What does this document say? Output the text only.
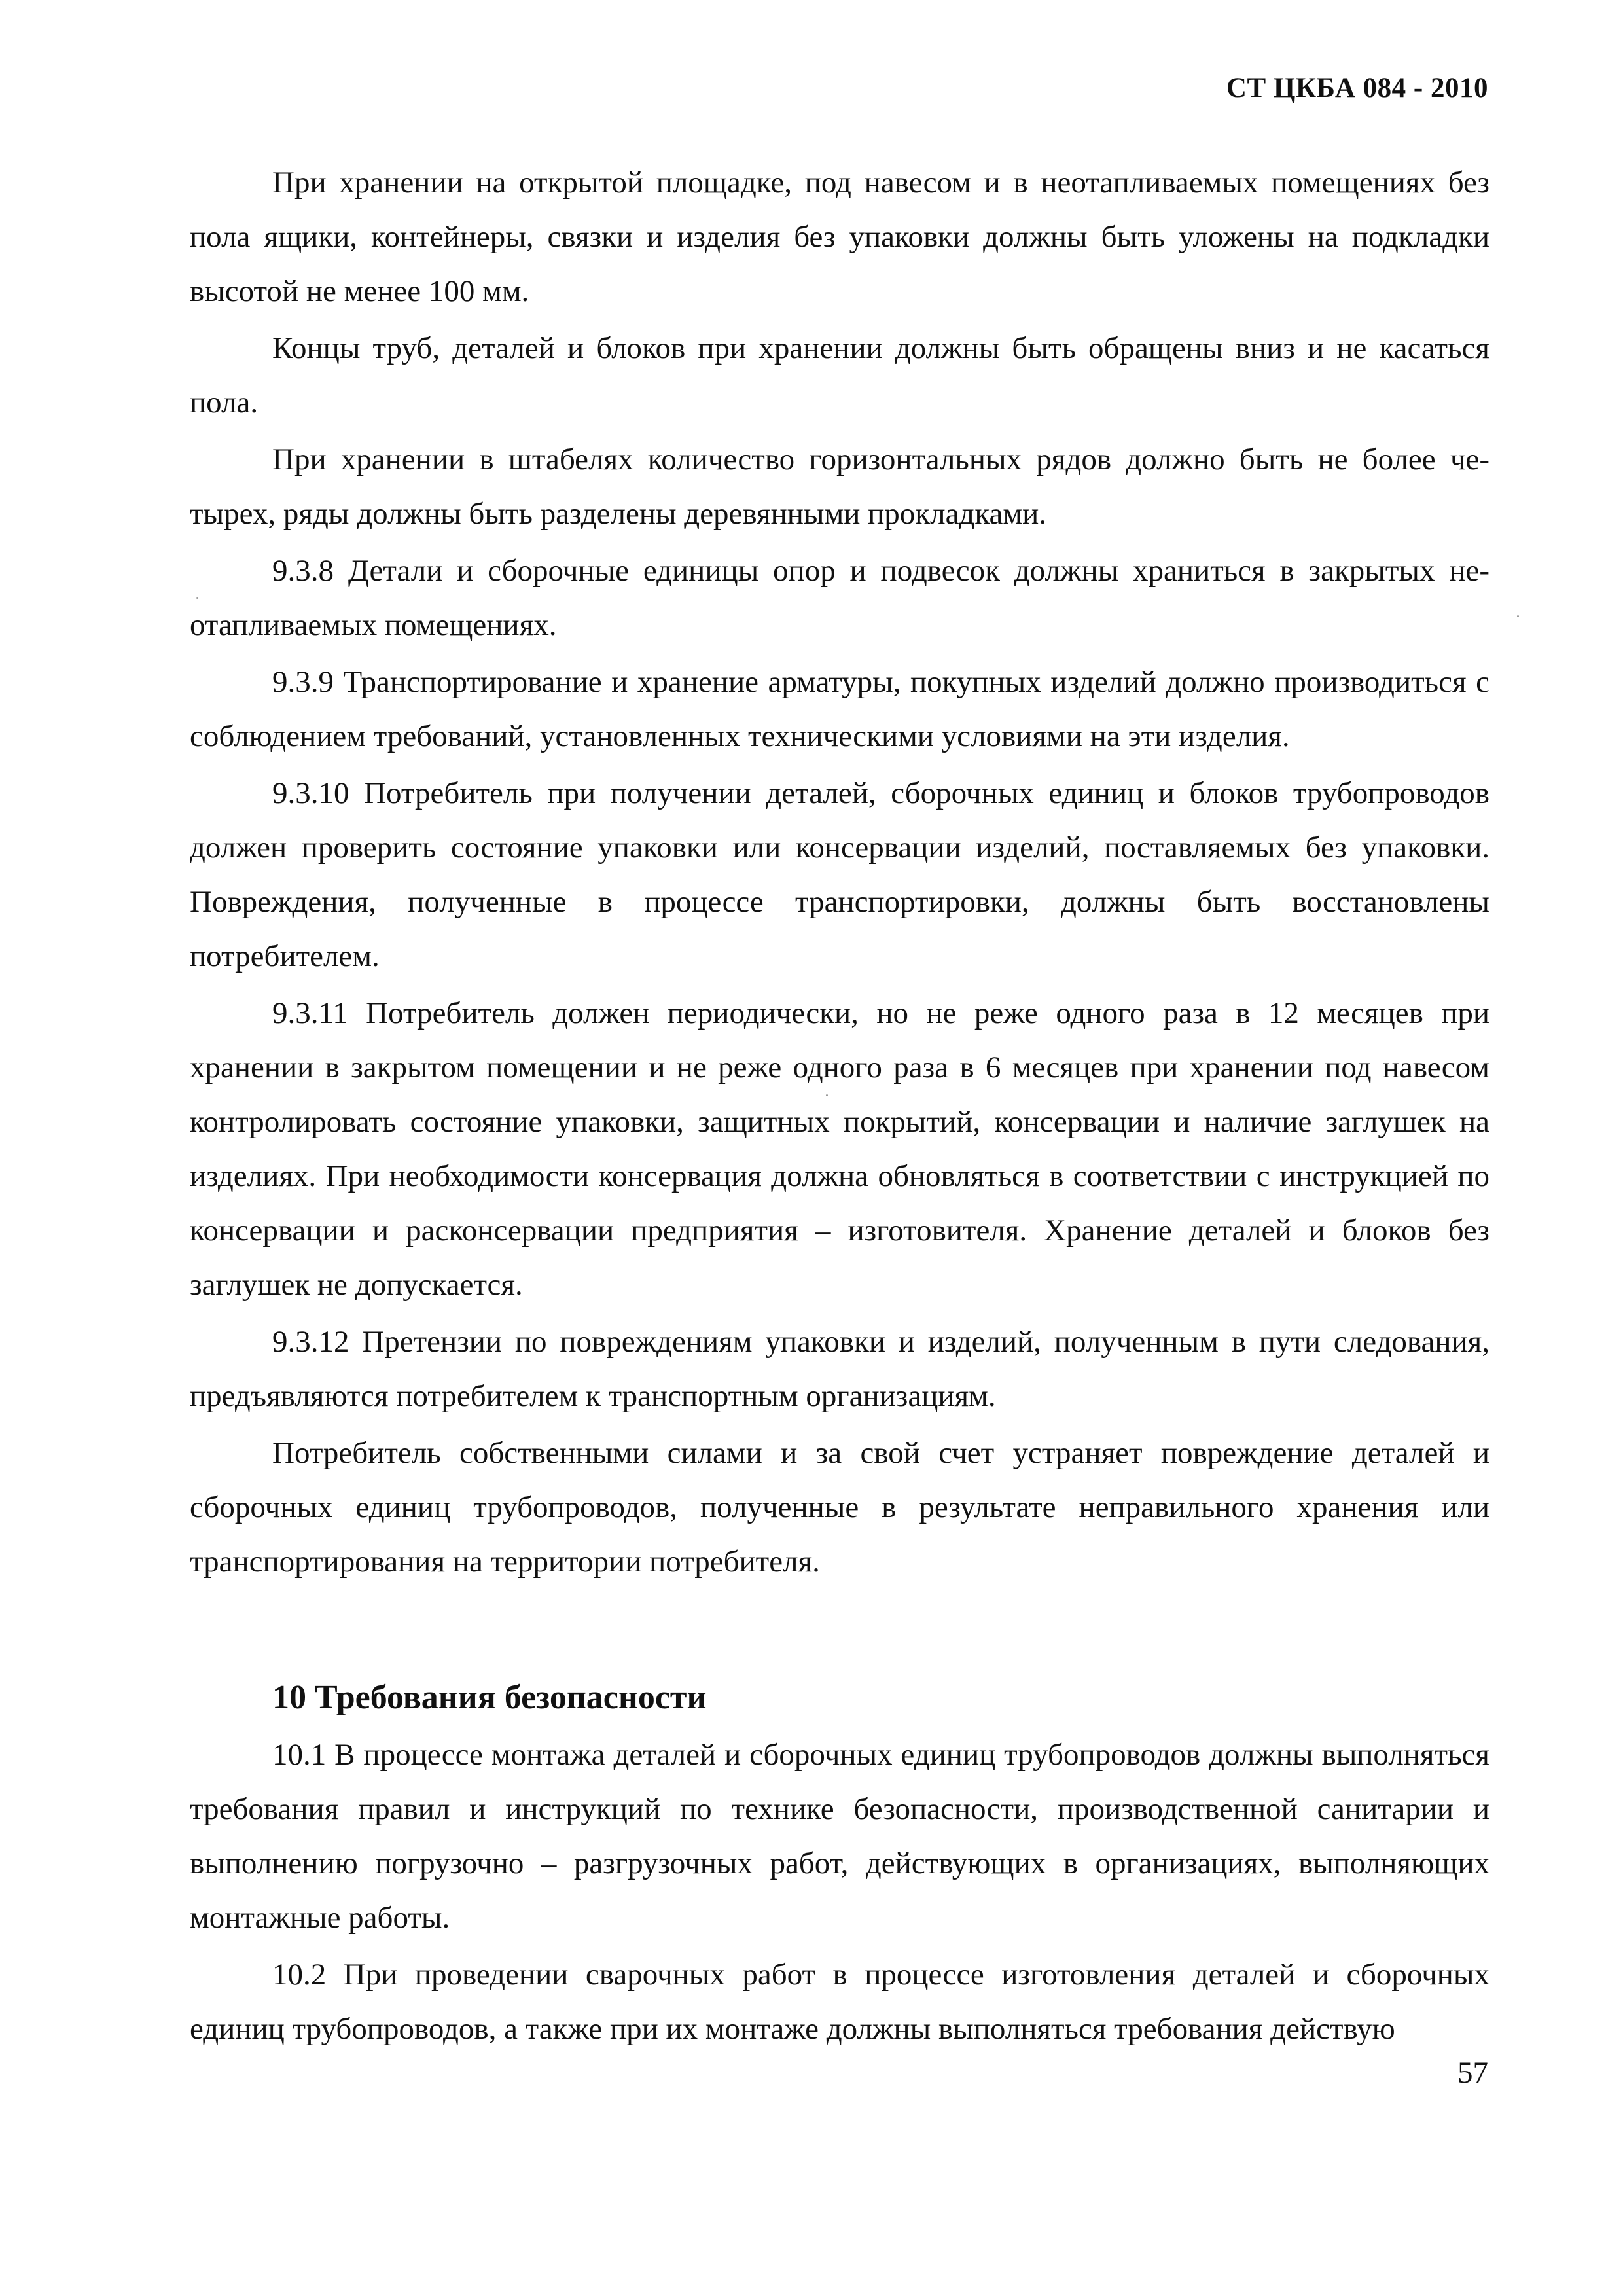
СТ ЦКБА 084 - 2010

При хранении на открытой площадке, под навесом и в неотапливаемых помещениях без пола ящики, контейнеры, связки и изделия без упаковки должны быть уложены на подкладки высотой не менее 100 мм.

Концы труб, деталей и блоков при хранении должны быть обращены вниз и не касаться пола.

При хранении в штабелях количество горизонтальных рядов должно быть не более четырех, ряды должны быть разделены деревянными прокладками.

9.3.8 Детали и сборочные единицы опор и подвесок должны храниться в закрытых неотапливаемых помещениях.

9.3.9 Транспортирование и хранение арматуры, покупных изделий должно производиться с соблюдением требований, установленных техническими условиями на эти изделия.

9.3.10 Потребитель при получении деталей, сборочных единиц и блоков трубопроводов должен проверить состояние упаковки или консервации изделий, поставляемых без упаковки. Повреждения, полученные в процессе транспортировки, должны быть восстановлены потребителем.

9.3.11 Потребитель должен периодически, но не реже одного раза в 12 месяцев при хранении в закрытом помещении и не реже одного раза в 6 месяцев при хранении под навесом контролировать состояние упаковки, защитных покрытий, консервации и наличие заглушек на изделиях. При необходимости консервация должна обновляться в соответствии с инструкцией по консервации и расконсервации предприятия – изготовителя. Хранение деталей и блоков без заглушек не допускается.

9.3.12 Претензии по повреждениям упаковки и изделий, полученным в пути следования, предъявляются потребителем к транспортным организациям.

Потребитель собственными силами и за свой счет устраняет повреждение деталей и сборочных единиц трубопроводов, полученные в результате неправильного хранения или транспортирования на территории потребителя.

10 Требования безопасности

10.1 В процессе монтажа деталей и сборочных единиц трубопроводов должны выполняться требования правил и инструкций по технике безопасности, производственной санитарии и выполнению погрузочно – разгрузочных работ, действующих в организациях, выполняющих монтажные работы.

10.2 При проведении сварочных работ в процессе изготовления деталей и сборочных единиц трубопроводов, а также при их монтаже должны выполняться требования действую

57
